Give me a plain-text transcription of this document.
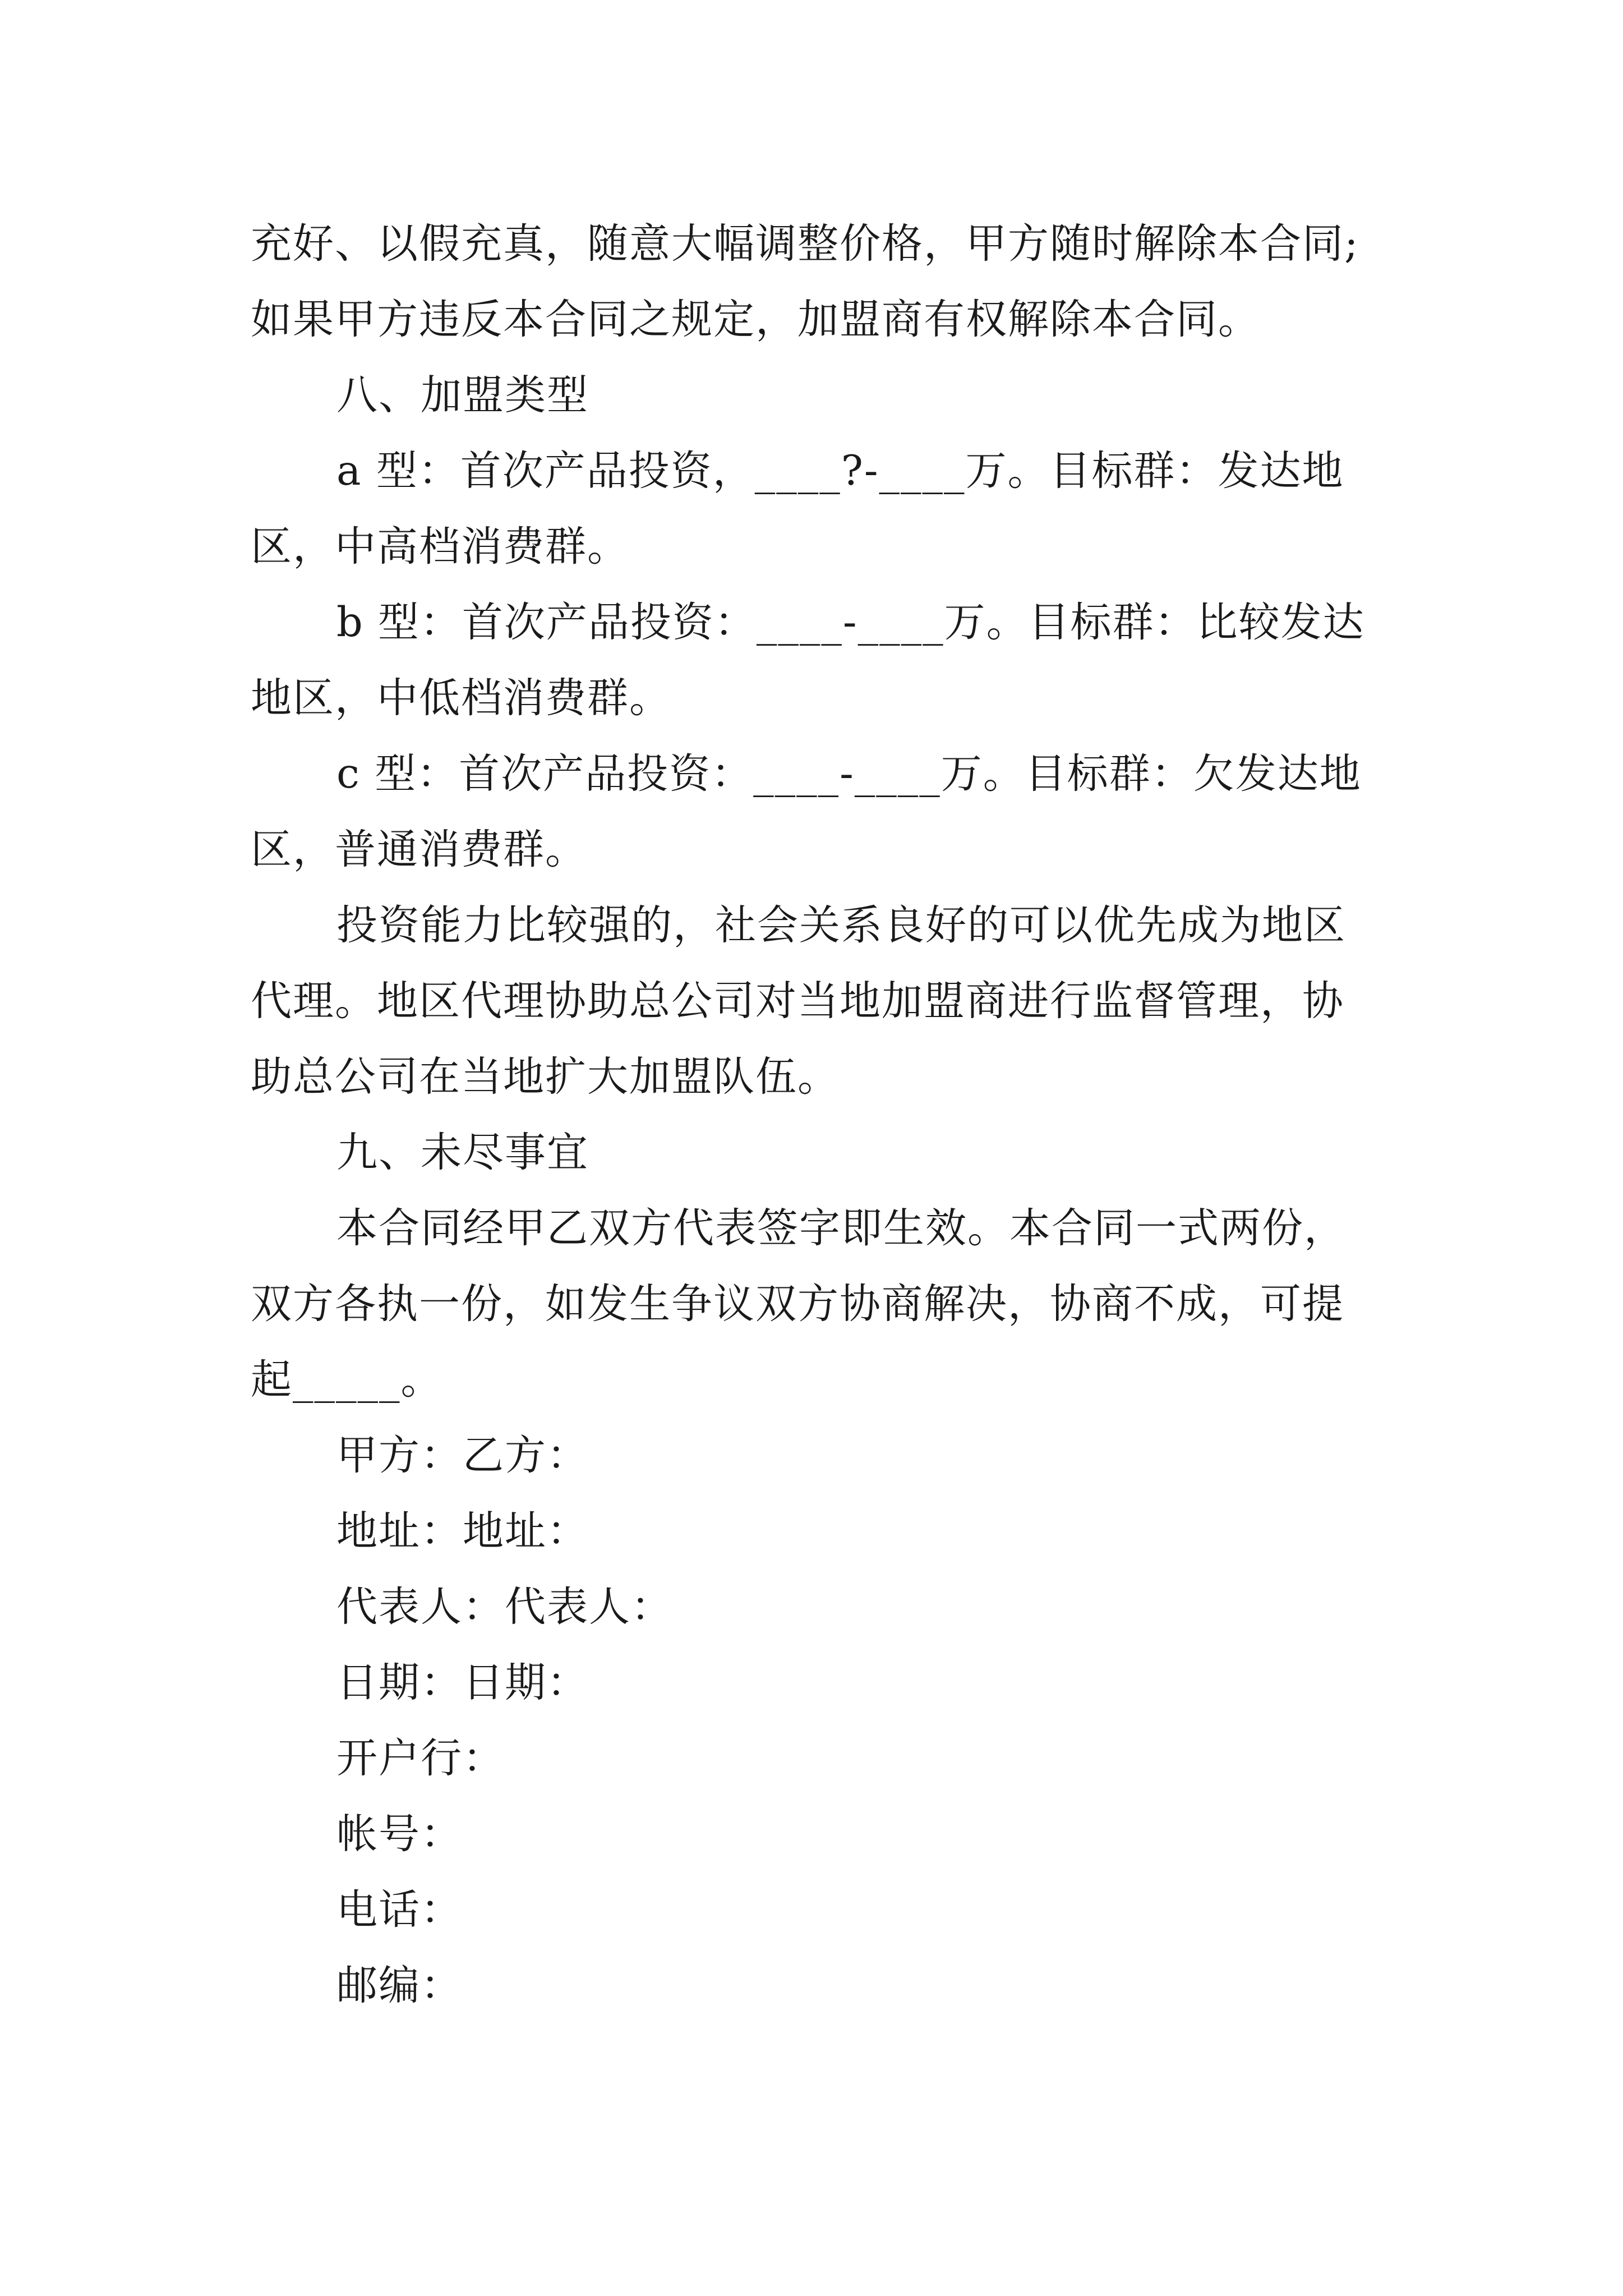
充好、以假充真，随意大幅调整价格，甲方随时解除本合同;
如果甲方违反本合同之规定，加盟商有权解除本合同。
八、加盟类型
a 型：首次产品投资，____?-____万。目标群：发达地
区，中高档消费群。
b 型：首次产品投资：____-____万。目标群：比较发达
地区，中低档消费群。
c 型：首次产品投资：____-____万。目标群：欠发达地
区，普通消费群。
投资能力比较强的，社会关系良好的可以优先成为地区
代理。地区代理协助总公司对当地加盟商进行监督管理，协
助总公司在当地扩大加盟队伍。
九、未尽事宜
本合同经甲乙双方代表签字即生效。本合同一式两份，
双方各执一份，如发生争议双方协商解决，协商不成，可提
起_____。
甲方：乙方：
地址：地址：
代表人：代表人：
日期：日期：
开户行：
帐号：
电话：
邮编：
